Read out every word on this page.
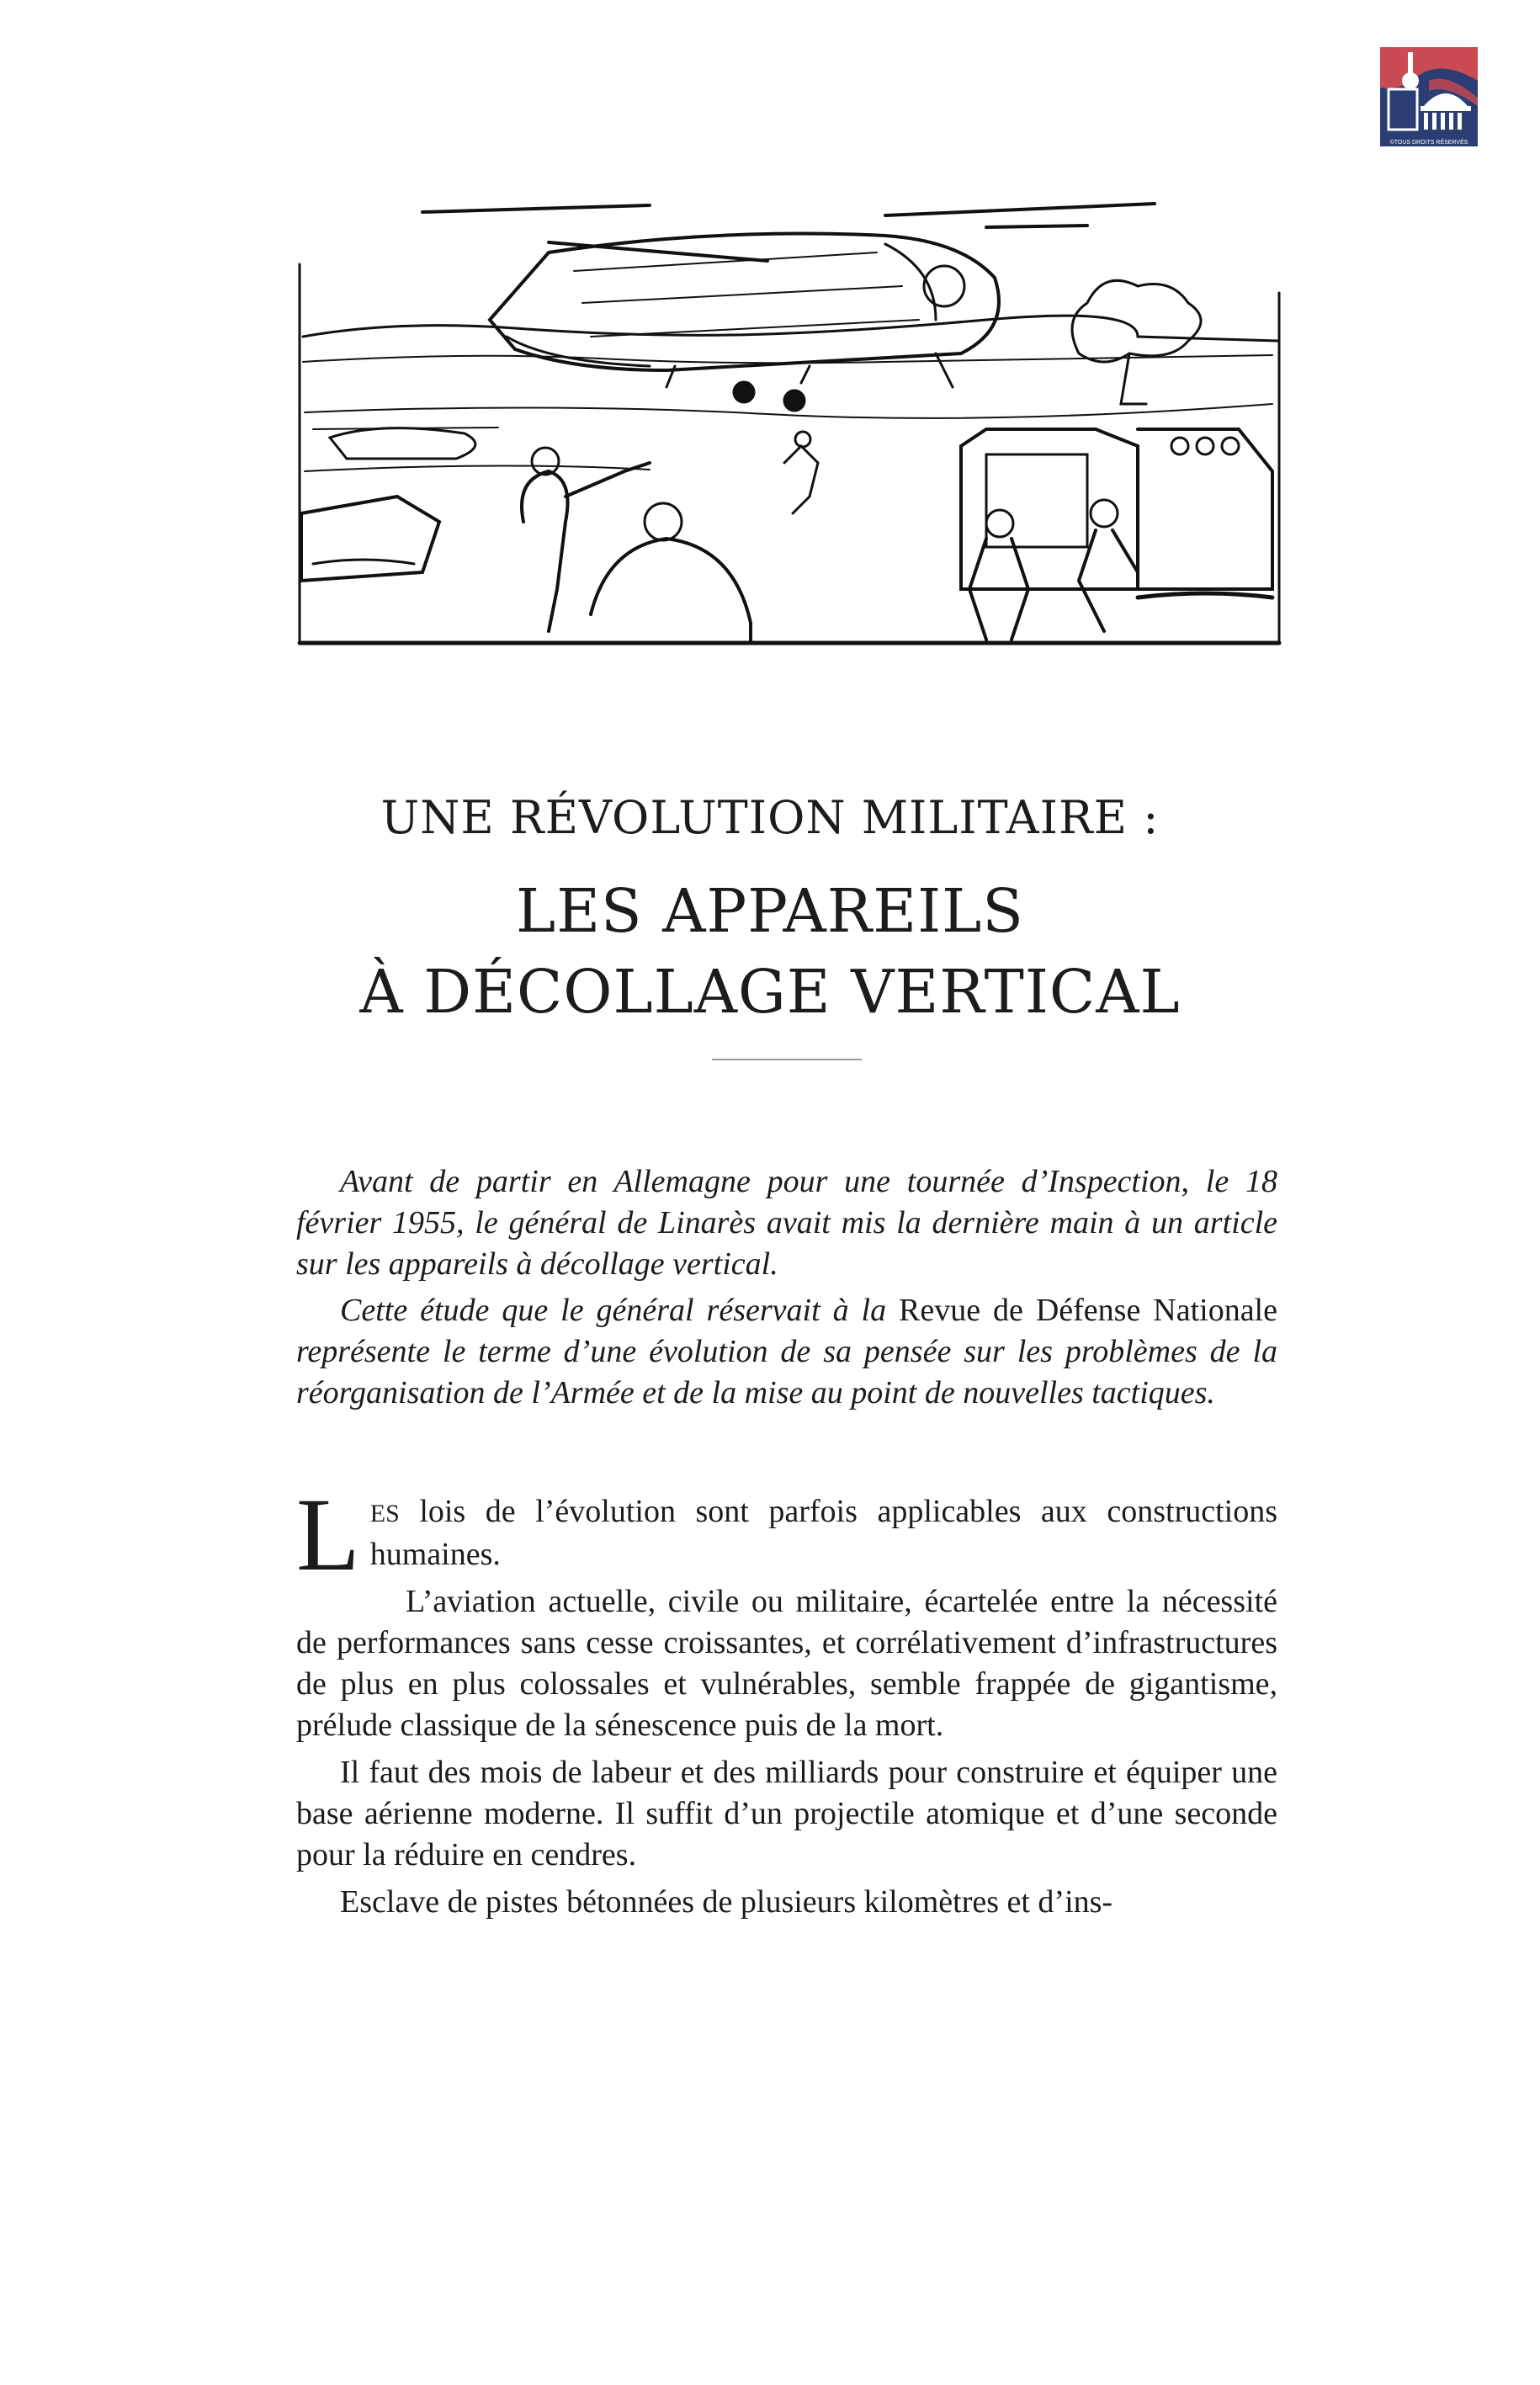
©TOUS DROITS RÉSERVÉS
UNE RÉVOLUTION MILITAIRE :
LES APPAREILS
À DÉCOLLAGE VERTICAL

Avant de partir en Allemagne pour une tournée d’Inspection, le 18 février 1955, le général de Linarès avait mis la dernière main à un article sur les appareils à décollage vertical.

Cette étude que le général réservait à la Revue de Défense Nationale représente le terme d’une évolution de sa pensée sur les problèmes de la réorganisation de l’Armée et de la mise au point de nouvelles tactiques.

LES lois de l’évolution sont parfois applicables aux constructions humaines.

L’aviation actuelle, civile ou militaire, écartelée entre la nécessité de performances sans cesse croissantes, et corrélativement d’infrastructures de plus en plus colossales et vulnérables, semble frappée de gigantisme, prélude classique de la sénescence puis de la mort.

Il faut des mois de labeur et des milliards pour construire et équiper une base aérienne moderne. Il suffit d’un projectile atomique et d’une seconde pour la réduire en cendres.

Esclave de pistes bétonnées de plusieurs kilomètres et d’ins-
